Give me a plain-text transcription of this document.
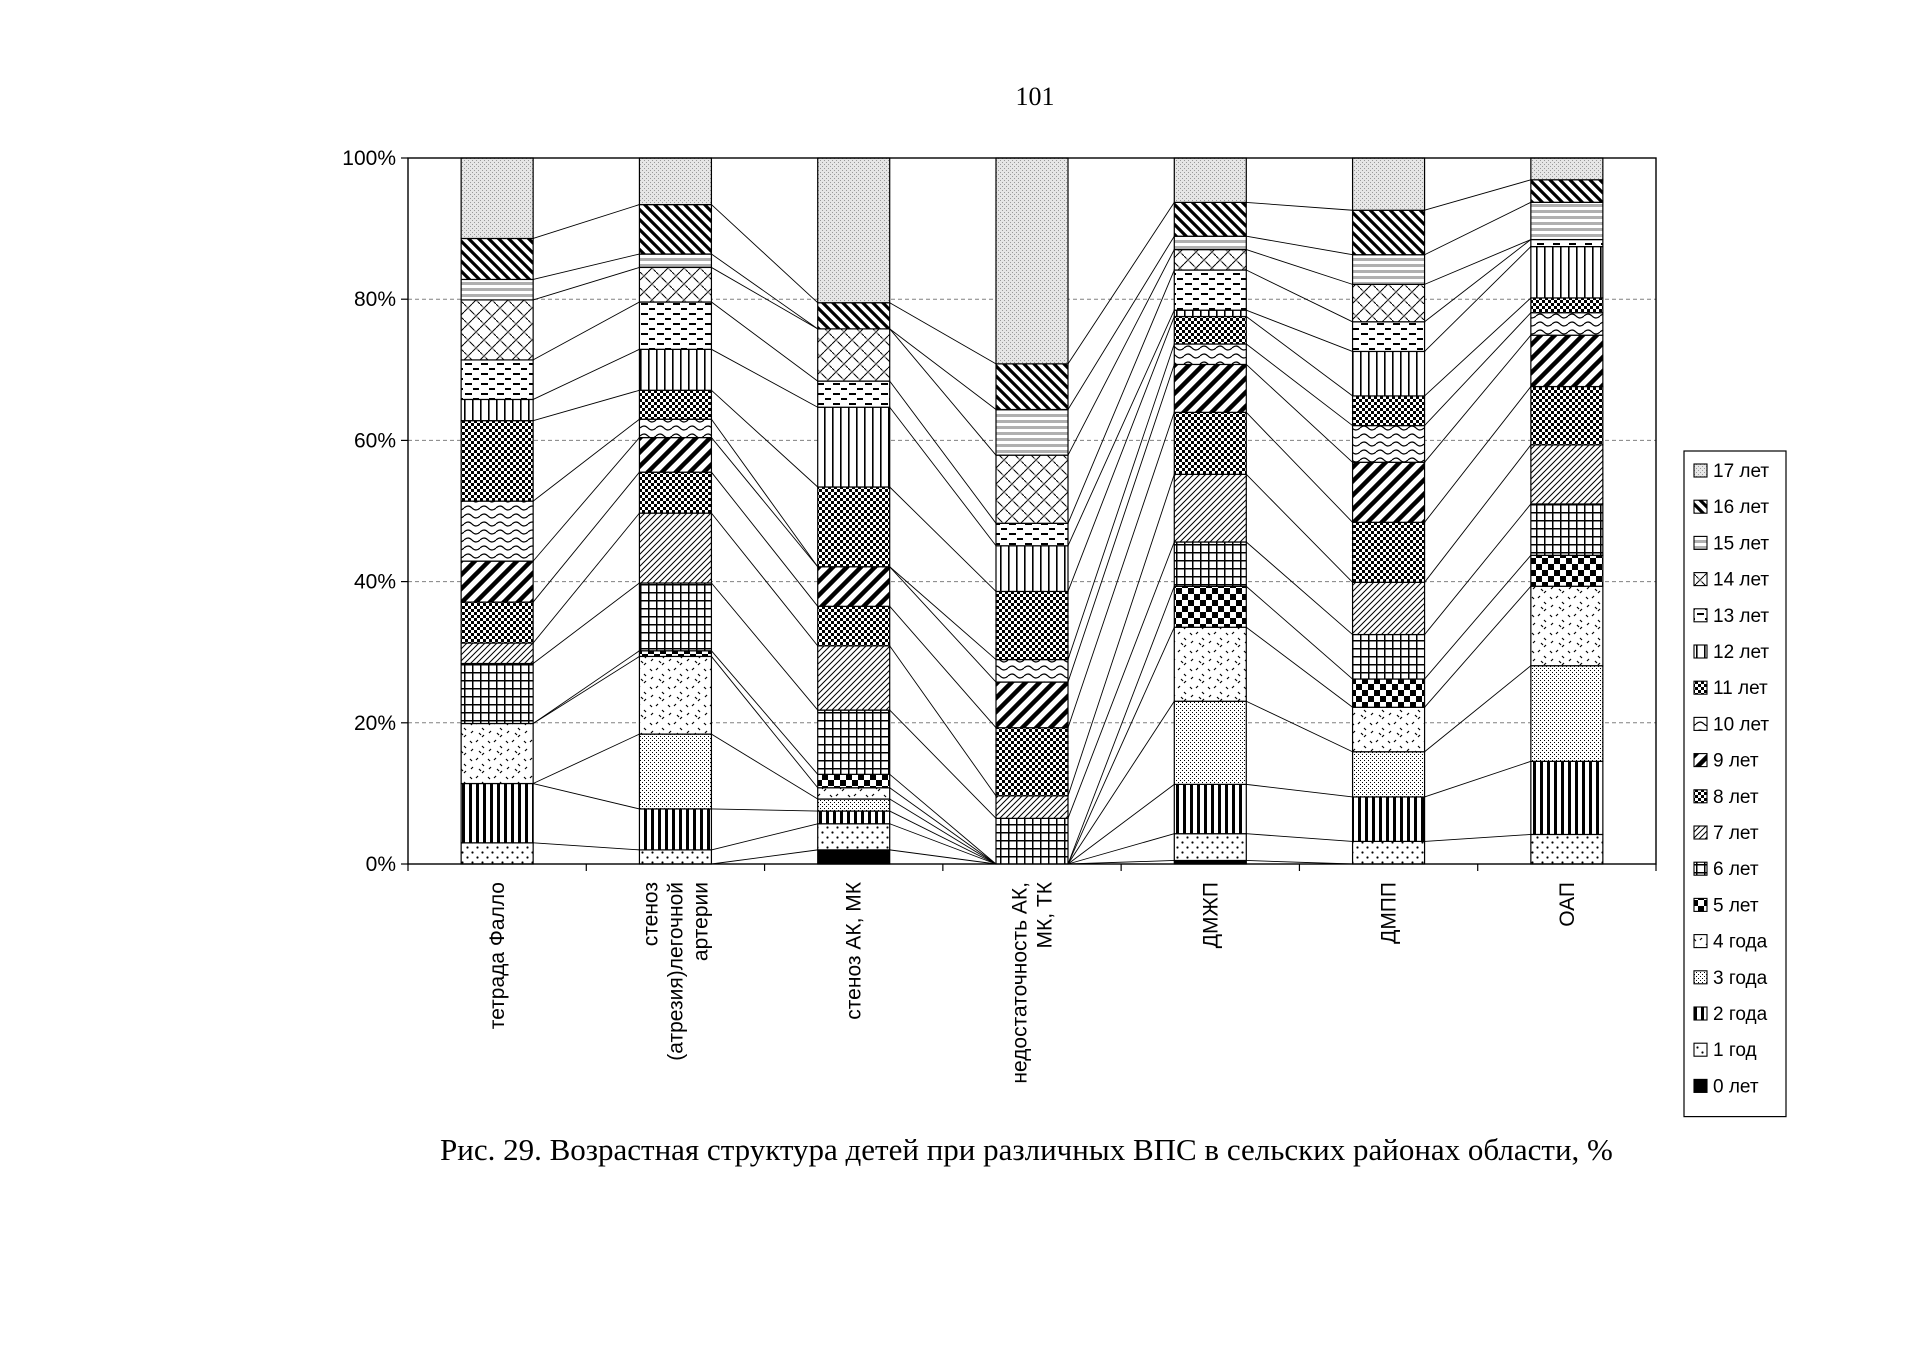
101
0%
20%
40%
60%
80%
100%
тетрада Фалло	стеноз (атрезия)легочной артерии	стеноз АК, МК	недостаточность АК, МК, ТК	ДМЖП	ДМПП	ОАП
17 лет
16 лет
15 лет
14 лет
13 лет
12 лет
11 лет
10 лет
9 лет
8 лет
7 лет
6 лет
5 лет
4 года
3 года
2 года
1 год
0 лет
Рис. 29. Возрастная структура детей при различных ВПС в сельских районах области, %
